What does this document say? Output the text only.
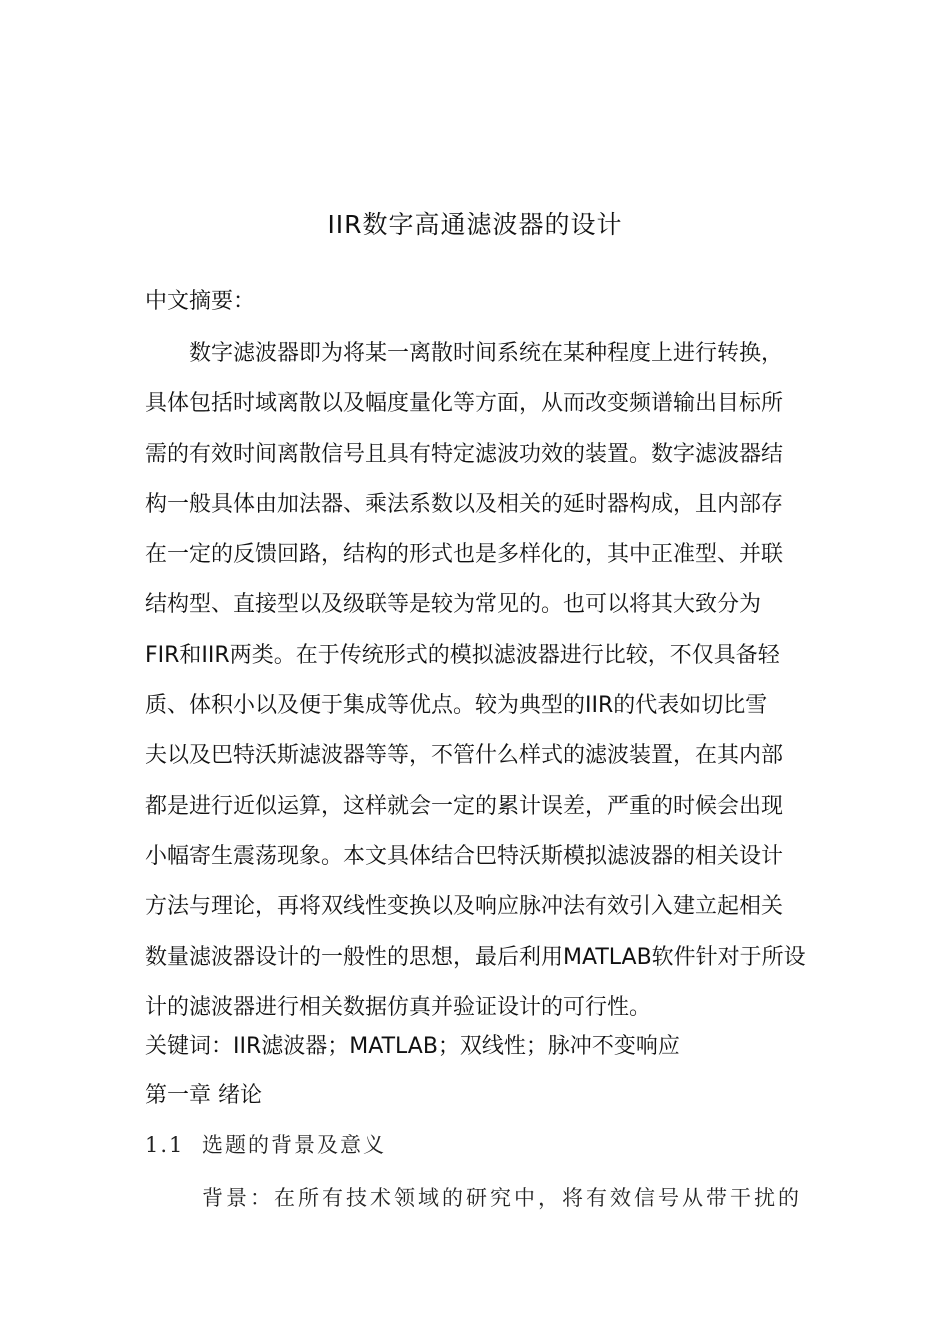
IIR数字高通滤波器的设计
中文摘要：
数字滤波器即为将某一离散时间系统在某种程度上进行转换，
具体包括时域离散以及幅度量化等方面，从而改变频谱输出目标所
需的有效时间离散信号且具有特定滤波功效的装置。数字滤波器结
构一般具体由加法器、乘法系数以及相关的延时器构成，且内部存
在一定的反馈回路，结构的形式也是多样化的，其中正准型、并联
结构型、直接型以及级联等是较为常见的。也可以将其大致分为
FIR和IIR两类。在于传统形式的模拟滤波器进行比较，不仅具备轻
质、体积小以及便于集成等优点。较为典型的IIR的代表如切比雪
夫以及巴特沃斯滤波器等等，不管什么样式的滤波装置，在其内部
都是进行近似运算，这样就会一定的累计误差，严重的时候会出现
小幅寄生震荡现象。本文具体结合巴特沃斯模拟滤波器的相关设计
方法与理论，再将双线性变换以及响应脉冲法有效引入建立起相关
数量滤波器设计的一般性的思想，最后利用MATLAB软件针对于所设
计的滤波器进行相关数据仿真并验证设计的可行性。
关键词：IIR滤波器；MATLAB；双线性；脉冲不变响应
第一章 绪论
1.1 选题的背景及意义
背景：在所有技术领域的研究中，将有效信号从带干扰的
